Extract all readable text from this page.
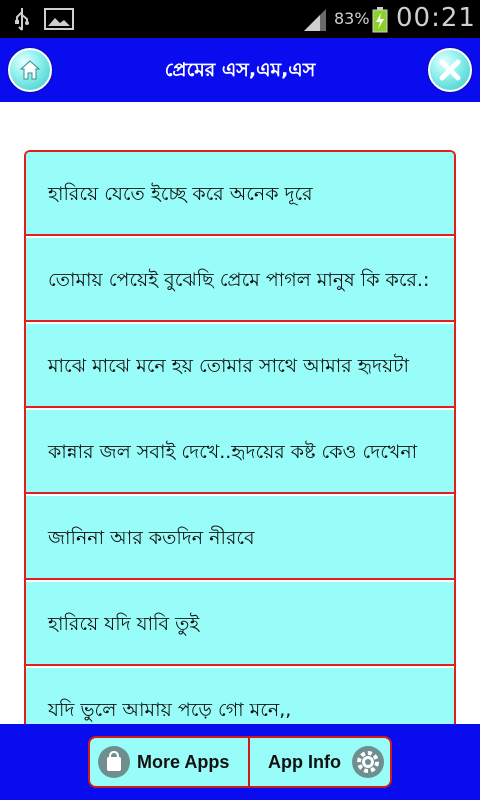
83% 00:21
প্রেমের এস,এম,এস
হারিয়ে যেতে ইচ্ছে করে অনেক দূরে
তোমায় পেয়েই বুঝেছি প্রেমে পাগল মানুষ কি করে.:
মাঝে মাঝে মনে হয় তোমার সাথে আমার হৃদয়টা
কান্নার জল সবাই দেখে..হৃদয়ের কষ্ট কেও দেখেনা
জানিনা আর কতদিন নীরবে
হারিয়ে যদি যাবি তুই
যদি ভুলে আমায় পড়ে গো মনে,,
More Apps App Info
